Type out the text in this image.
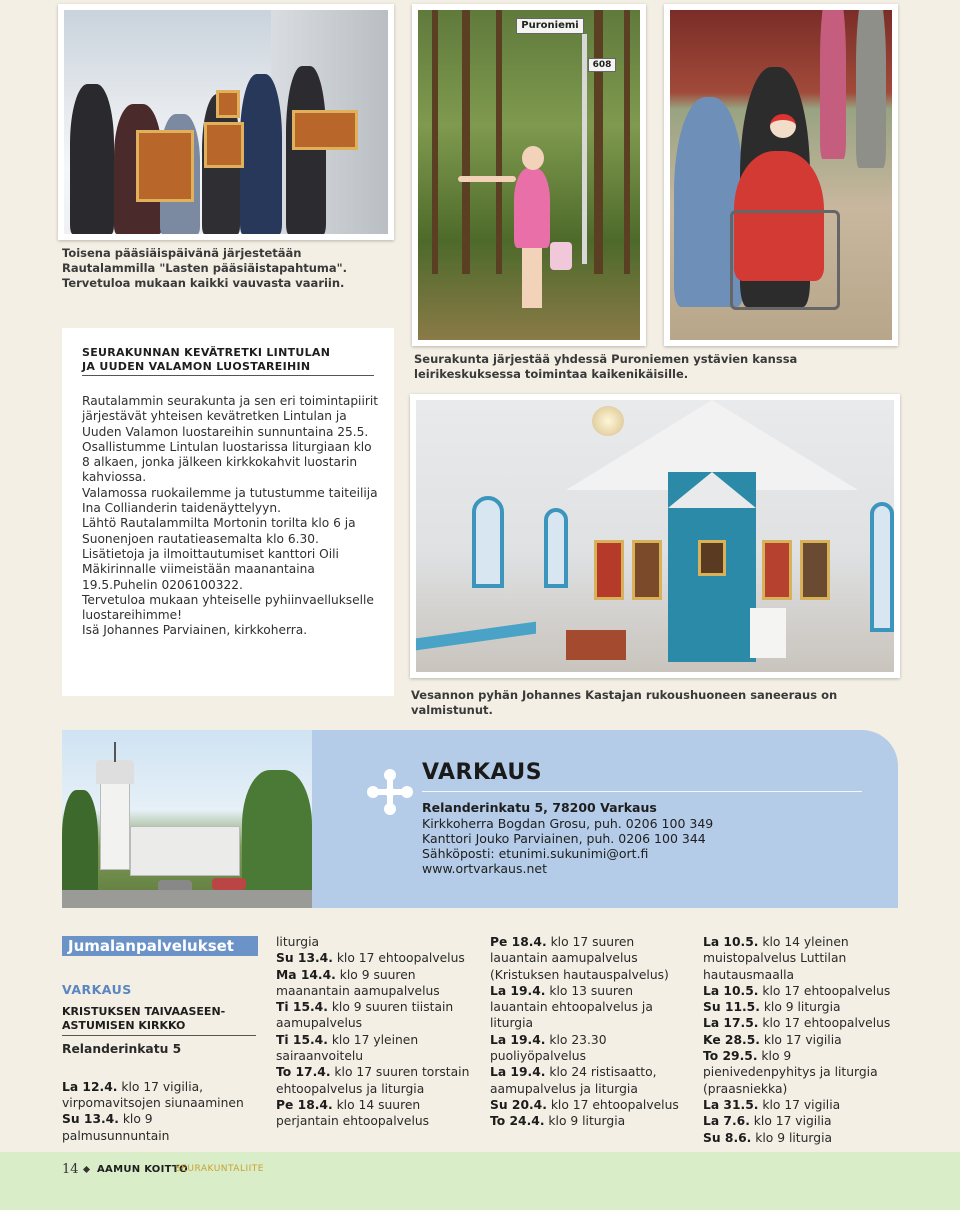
Toisena pääsiäispäivänä järjestetään Rautalammilla "Lasten pääsiäistapahtuma". Tervetuloa mukaan kaikki vauvasta vaariin.
Puroniemi
608
Seurakunta järjestää yhdessä Puroniemen ystävien kanssa leirikeskuksessa toimintaa kaikenikäisille.
SEURAKUNNAN KEVÄTRETKI LINTULAN
JA UUDEN VALAMON LUOSTAREIHIN

Rautalammin seurakunta ja sen eri toimintapiirit järjestävät yhteisen kevätretken Lintulan ja Uuden Valamon luostareihin sunnuntaina 25.5.

Osallistumme Lintulan luostarissa liturgiaan klo 8 alkaen, jonka jälkeen kirkkokahvit luostarin kahviossa.

Valamossa ruokailemme ja tutustumme taiteilija Ina Collianderin taidenäyttelyyn.

Lähtö Rautalammilta Mortonin torilta klo 6 ja Suonenjoen rautatieasemalta klo 6.30.

Lisätietoja ja ilmoittautumiset kanttori Oili Mäkirinnalle viimeistään maanantaina 19.5.Puhelin 0206100322.

Tervetuloa mukaan yhteiselle pyhiinvaellukselle luostareihimme!

Isä Johannes Parviainen, kirkkoherra.

Vesannon pyhän Johannes Kastajan rukoushuoneen saneeraus on valmistunut.
VARKAUS
Relanderinkatu 5, 78200 Varkaus
Kirkkoherra Bogdan Grosu, puh. 0206 100 349
Kanttori Jouko Parviainen, puh. 0206 100 344
Sähköposti: etunimi.sukunimi@ort.fi
www.ortvarkaus.net
Jumalanpalvelukset
VARKAUS
KRISTUKSEN TAIVAASEEN-
ASTUMISEN KIRKKO
Relanderinkatu 5
La 12.4. klo 17 vigilia, virpomavitsojen siunaaminen
Su 13.4. klo 9 palmusunnuntain
liturgia
Su 13.4. klo 17 ehtoopalvelus
Ma 14.4. klo 9 suuren maanantain aamupalvelus
Ti 15.4. klo 9 suuren tiistain aamupalvelus
Ti 15.4. klo 17 yleinen sairaanvoitelu
To 17.4. klo 17 suuren torstain ehtoopalvelus ja liturgia
Pe 18.4. klo 14 suuren perjantain ehtoopalvelus
Pe 18.4. klo 17 suuren lauantain aamupalvelus (Kristuksen hautauspalvelus)
La 19.4. klo 13 suuren lauantain ehtoopalvelus ja liturgia
La 19.4. klo 23.30 puoliyöpalvelus
La 19.4. klo 24 ristisaatto, aamupalvelus ja liturgia
Su 20.4. klo 17 ehtoopalvelus
To 24.4. klo 9 liturgia
La 10.5. klo 14 yleinen muistopalvelus Luttilan hautausmaalla
La 10.5. klo 17 ehtoopalvelus
Su 11.5. klo 9 liturgia
La 17.5. klo 17 ehtoopalvelus
Ke 28.5. klo 17 vigilia
To 29.5. klo 9 pienivedenpyhitys ja liturgia (praasniekka)
La 31.5. klo 17 vigilia
La 7.6. klo 17 vigilia
Su 8.6. klo 9 liturgia
14 AAMUN KOITTO
SEURAKUNTALIITE
